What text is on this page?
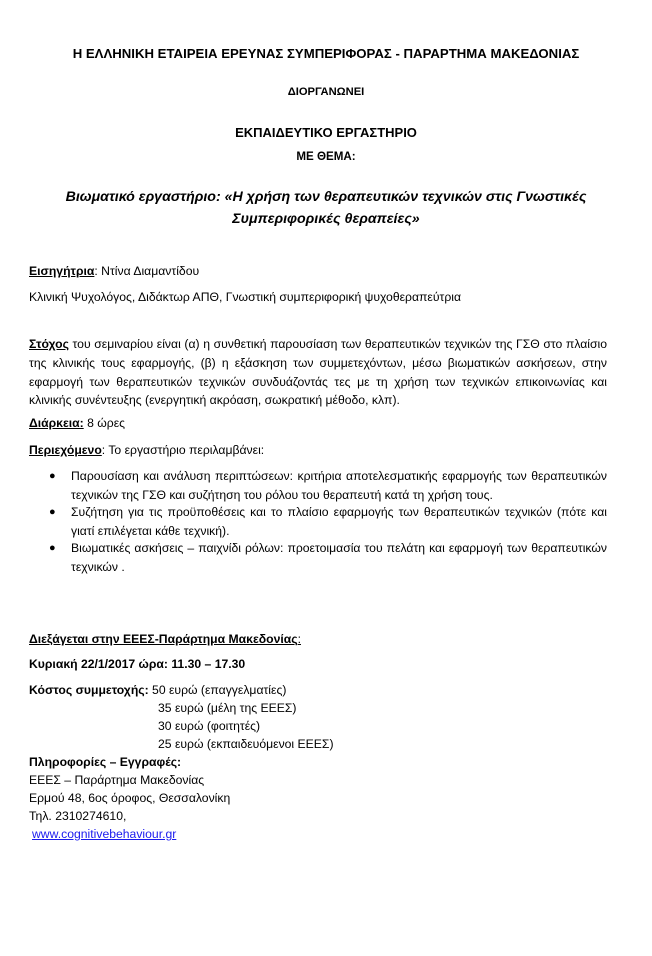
Η ΕΛΛΗΝΙΚΗ ΕΤΑΙΡΕΙΑ ΕΡΕΥΝΑΣ ΣΥΜΠΕΡΙΦΟΡΑΣ - ΠΑΡΑΡΤΗΜΑ ΜΑΚΕΔΟΝΙΑΣ
ΔΙΟΡΓΑΝΩΝΕΙ
ΕΚΠΑΙΔΕΥΤΙΚΟ ΕΡΓΑΣΤΗΡΙΟ
ΜΕ ΘΕΜΑ:
Βιωματικό εργαστήριο: «Η χρήση των θεραπευτικών τεχνικών στις Γνωστικές
Συμπεριφορικές θεραπείες»
Εισηγήτρια: Ντίνα Διαμαντίδου
Κλινική Ψυχολόγος, Διδάκτωρ ΑΠΘ, Γνωστική συμπεριφορική ψυχοθεραπεύτρια
Στόχος του σεμιναρίου είναι (α) η συνθετική παρουσίαση των θεραπευτικών τεχνικών της ΓΣΘ στο πλαίσιο της κλινικής τους εφαρμογής, (β) η εξάσκηση των συμμετεχόντων, μέσω βιωματικών ασκήσεων, στην εφαρμογή των θεραπευτικών τεχνικών συνδυάζοντάς τες με τη χρήση των τεχνικών επικοινωνίας και κλινικής συνέντευξης (ενεργητική ακρόαση, σωκρατική μέθοδο, κλπ).
Διάρκεια: 8 ώρες
Περιεχόμενο: Το εργαστήριο περιλαμβάνει:
● Παρουσίαση και ανάλυση περιπτώσεων: κριτήρια αποτελεσματικής εφαρμογής των θεραπευτικών τεχνικών της ΓΣΘ και συζήτηση του ρόλου του θεραπευτή κατά τη χρήση τους.
● Συζήτηση για τις προϋποθέσεις και το πλαίσιο εφαρμογής των θεραπευτικών τεχνικών (πότε και γιατί επιλέγεται κάθε τεχνική).
● Βιωματικές ασκήσεις – παιχνίδι ρόλων: προετοιμασία του πελάτη και εφαρμογή των θεραπευτικών τεχνικών .
Διεξάγεται στην ΕΕΕΣ-Παράρτημα Μακεδονίας:
Κυριακή 22/1/2017 ώρα: 11.30 – 17.30
Κόστος συμμετοχής: 50 ευρώ (επαγγελματίες)
35 ευρώ (μέλη της ΕΕΕΣ)
30 ευρώ (φοιτητές)
25 ευρώ (εκπαιδευόμενοι ΕΕΕΣ)
Πληροφορίες – Εγγραφές:
ΕΕΕΣ – Παράρτημα Μακεδονίας
Ερμού 48, 6ος όροφος, Θεσσαλονίκη
Τηλ. 2310274610,
www.cognitivebehaviour.gr
